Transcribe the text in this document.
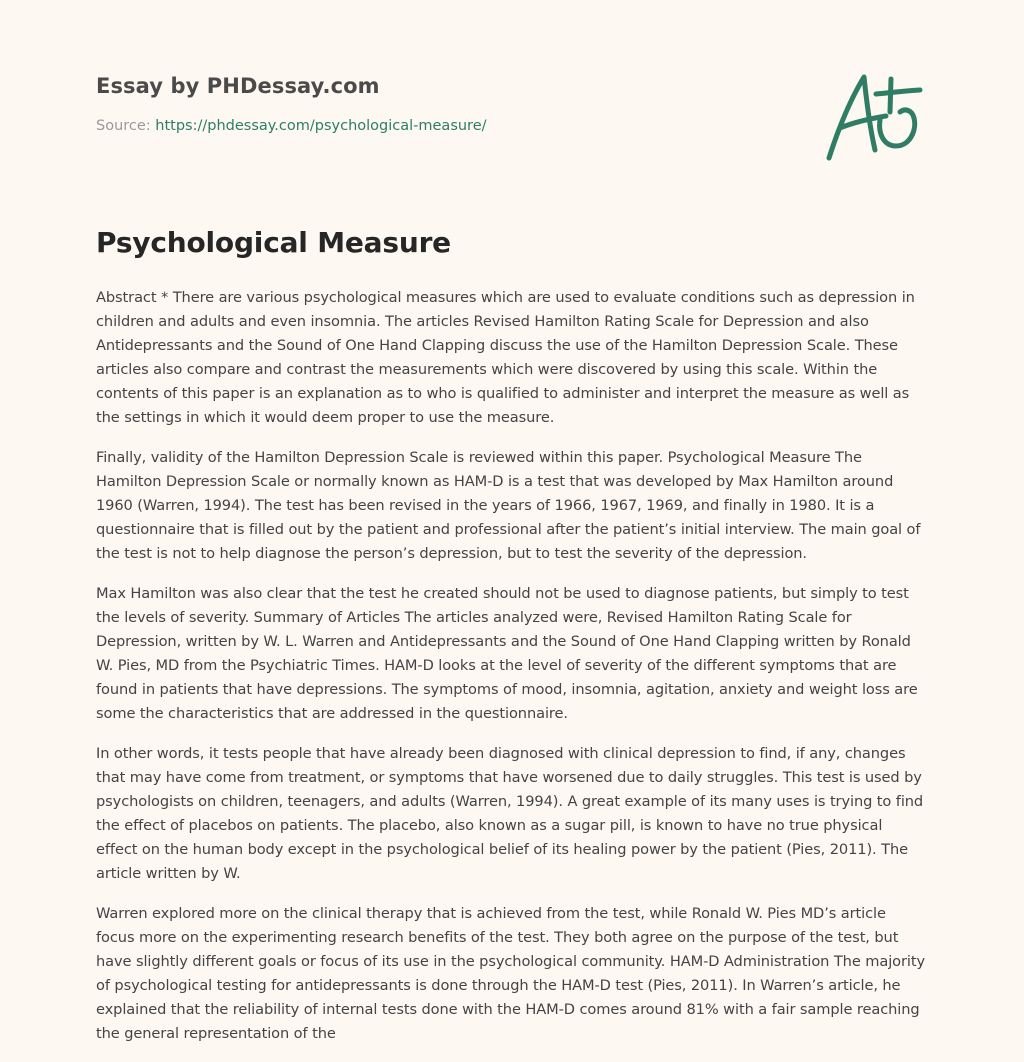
Essay by PHDessay.com
Source: https://phdessay.com/psychological-measure/
Psychological Measure

Abstract * There are various psychological measures which are used to evaluate conditions such as depression in children and adults and even insomnia. The articles Revised Hamilton Rating Scale for Depression and also Antidepressants and the Sound of One Hand Clapping discuss the use of the Hamilton Depression Scale. These articles also compare and contrast the measurements which were discovered by using this scale. Within the contents of this paper is an explanation as to who is qualified to administer and interpret the measure as well as the settings in which it would deem proper to use the measure.

Finally, validity of the Hamilton Depression Scale is reviewed within this paper. Psychological Measure The Hamilton Depression Scale or normally known as HAM-D is a test that was developed by Max Hamilton around 1960 (Warren, 1994). The test has been revised in the years of 1966, 1967, 1969, and finally in 1980. It is a questionnaire that is filled out by the patient and professional after the patient’s initial interview. The main goal of the test is not to help diagnose the person’s depression, but to test the severity of the depression.

Max Hamilton was also clear that the test he created should not be used to diagnose patients, but simply to test the levels of severity. Summary of Articles The articles analyzed were, Revised Hamilton Rating Scale for Depression, written by W. L. Warren and Antidepressants and the Sound of One Hand Clapping written by Ronald W. Pies, MD from the Psychiatric Times. HAM-D looks at the level of severity of the different symptoms that are found in patients that have depressions. The symptoms of mood, insomnia, agitation, anxiety and weight loss are some the characteristics that are addressed in the questionnaire.

In other words, it tests people that have already been diagnosed with clinical depression to find, if any, changes that may have come from treatment, or symptoms that have worsened due to daily struggles. This test is used by psychologists on children, teenagers, and adults (Warren, 1994). A great example of its many uses is trying to find the effect of placebos on patients. The placebo, also known as a sugar pill, is known to have no true physical effect on the human body except in the psychological belief of its healing power by the patient (Pies, 2011). The article written by W.

Warren explored more on the clinical therapy that is achieved from the test, while Ronald W. Pies MD’s article focus more on the experimenting research benefits of the test. They both agree on the purpose of the test, but have slightly different goals or focus of its use in the psychological community. HAM-D Administration The majority of psychological testing for antidepressants is done through the HAM-D test (Pies, 2011). In Warren’s article, he explained that the reliability of internal tests done with the HAM-D comes around 81% with a fair sample reaching the general representation of the
